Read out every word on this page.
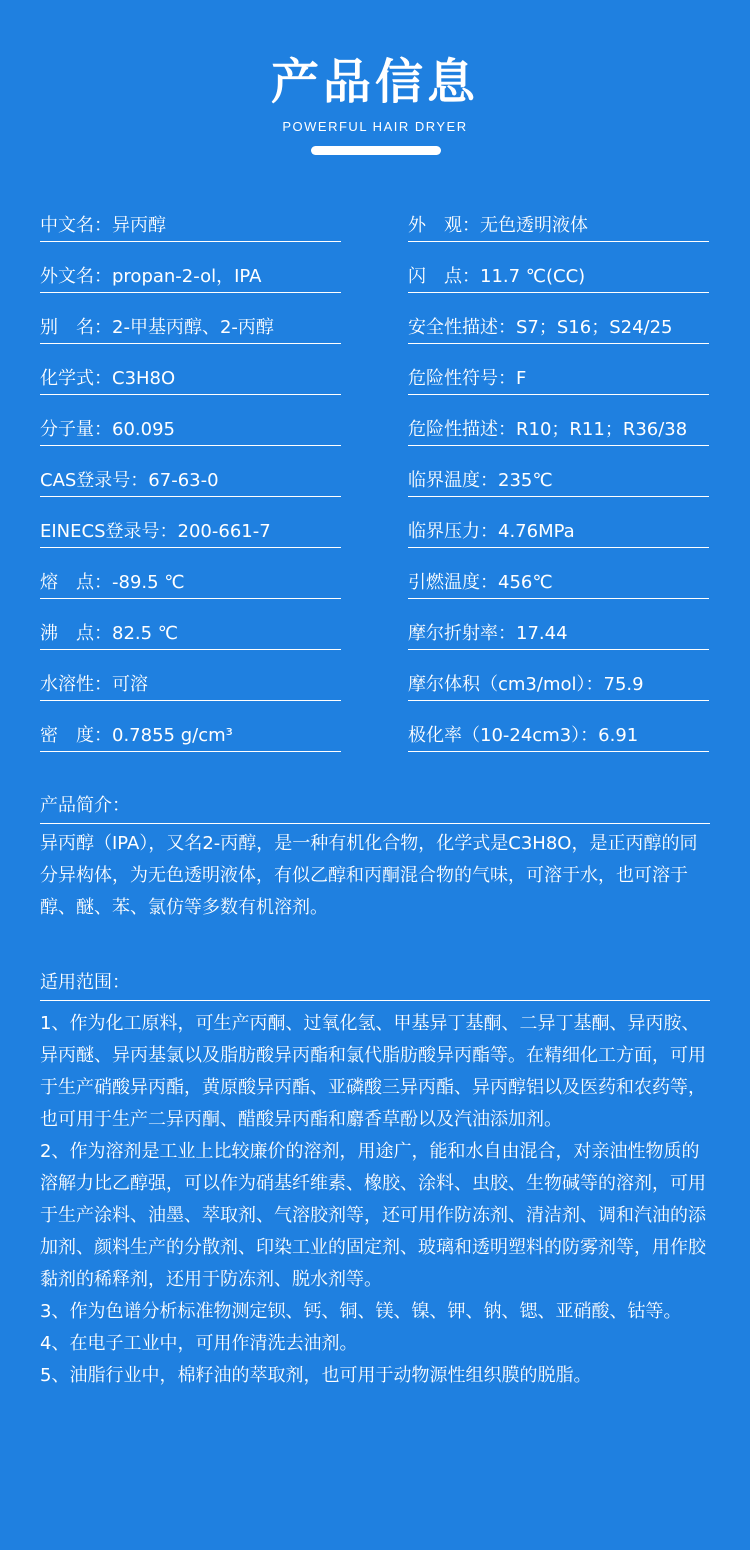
产品信息
POWERFUL HAIR DRYER
中文名：异丙醇
外文名：propan-2-ol，IPA
别　名：2-甲基丙醇、2-丙醇
化学式：C3H8O
分子量：60.095
CAS登录号：67-63-0
EINECS登录号：200-661-7
熔　点：-89.5 ℃
沸　点：82.5 ℃
水溶性：可溶
密　度：0.7855 g/cm³
外　观：无色透明液体
闪　点：11.7 ℃(CC)
安全性描述：S7；S16；S24/25
危险性符号：F
危险性描述：R10；R11；R36/38
临界温度：235℃
临界压力：4.76MPa
引燃温度：456℃
摩尔折射率：17.44
摩尔体积（cm3/mol）：75.9
极化率（10-24cm3）：6.91
产品简介：

异丙醇（IPA），又名2-丙醇，是一种有机化合物，化学式是C3H8O，是正丙醇的同分异构体，为无色透明液体，有似乙醇和丙酮混合物的气味，可溶于水，也可溶于醇、醚、苯、氯仿等多数有机溶剂。

适用范围：

1、作为化工原料，可生产丙酮、过氧化氢、甲基异丁基酮、二异丁基酮、异丙胺、异丙醚、异丙基氯以及脂肪酸异丙酯和氯代脂肪酸异丙酯等。在精细化工方面，可用于生产硝酸异丙酯，黄原酸异丙酯、亚磷酸三异丙酯、异丙醇铝以及医药和农药等，也可用于生产二异丙酮、醋酸异丙酯和麝香草酚以及汽油添加剂。

2、作为溶剂是工业上比较廉价的溶剂，用途广，能和水自由混合，对亲油性物质的溶解力比乙醇强，可以作为硝基纤维素、橡胶、涂料、虫胶、生物碱等的溶剂，可用于生产涂料、油墨、萃取剂、气溶胶剂等，还可用作防冻剂、清洁剂、调和汽油的添加剂、颜料生产的分散剂、印染工业的固定剂、玻璃和透明塑料的防雾剂等，用作胶黏剂的稀释剂，还用于防冻剂、脱水剂等。

3、作为色谱分析标准物测定钡、钙、铜、镁、镍、钾、钠、锶、亚硝酸、钴等。

4、在电子工业中，可用作清洗去油剂。

5、油脂行业中，棉籽油的萃取剂，也可用于动物源性组织膜的脱脂。
